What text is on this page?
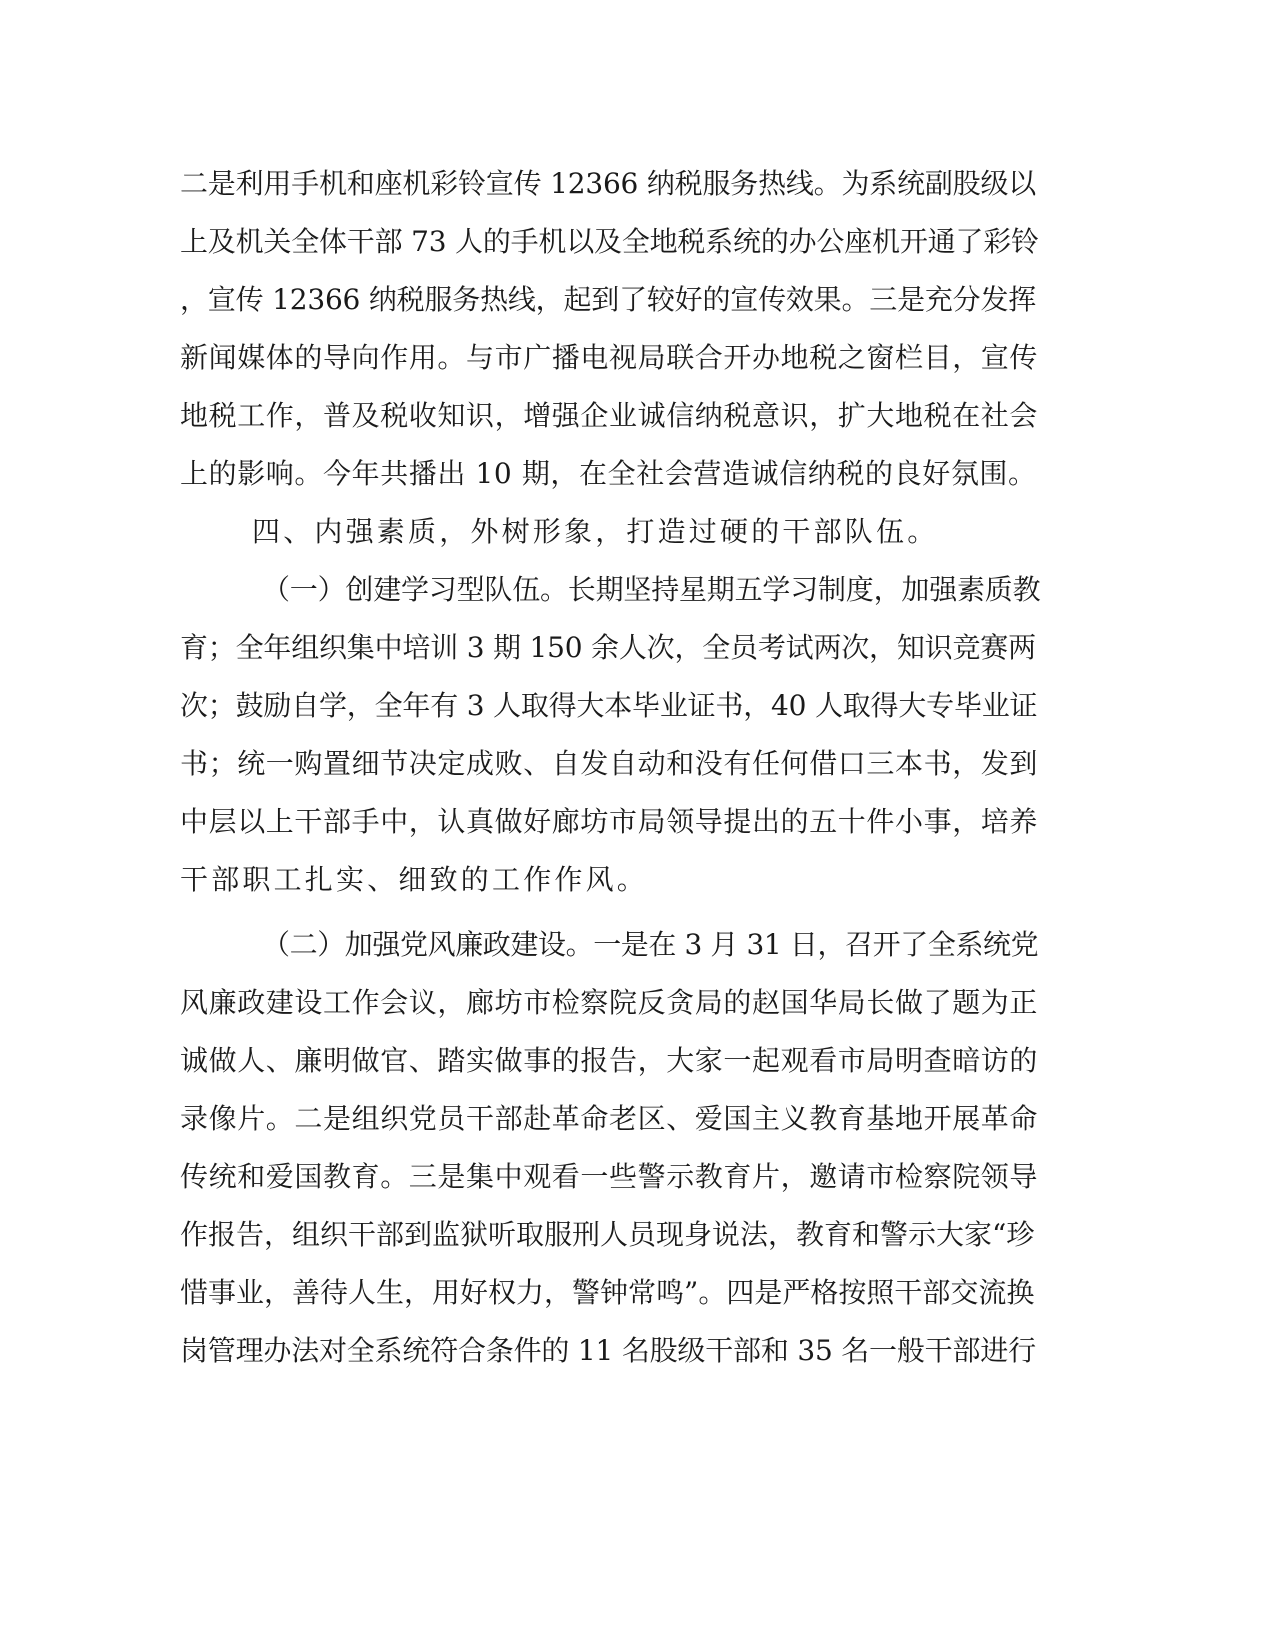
二是利用手机和座机彩铃宣传 12366 纳税服务热线。为系统副股级以
上及机关全体干部 73 人的手机以及全地税系统的办公座机开通了彩铃
，宣传 12366 纳税服务热线，起到了较好的宣传效果。三是充分发挥
新闻媒体的导向作用。与市广播电视局联合开办地税之窗栏目，宣传
地税工作，普及税收知识，增强企业诚信纳税意识，扩大地税在社会
上的影响。今年共播出 10 期，在全社会营造诚信纳税的良好氛围。
四、内强素质，外树形象，打造过硬的干部队伍。
（一）创建学习型队伍。长期坚持星期五学习制度，加强素质教
育；全年组织集中培训 3 期 150 余人次，全员考试两次，知识竞赛两
次；鼓励自学，全年有 3 人取得大本毕业证书，40 人取得大专毕业证
书；统一购置细节决定成败、自发自动和没有任何借口三本书，发到
中层以上干部手中，认真做好廊坊市局领导提出的五十件小事，培养
干部职工扎实、细致的工作作风。
（二）加强党风廉政建设。一是在 3 月 31 日，召开了全系统党
风廉政建设工作会议，廊坊市检察院反贪局的赵国华局长做了题为正
诚做人、廉明做官、踏实做事的报告，大家一起观看市局明查暗访的
录像片。二是组织党员干部赴革命老区、爱国主义教育基地开展革命
传统和爱国教育。三是集中观看一些警示教育片，邀请市检察院领导
作报告，组织干部到监狱听取服刑人员现身说法，教育和警示大家“珍
惜事业，善待人生，用好权力，警钟常鸣”。四是严格按照干部交流换
岗管理办法对全系统符合条件的 11 名股级干部和 35 名一般干部进行
